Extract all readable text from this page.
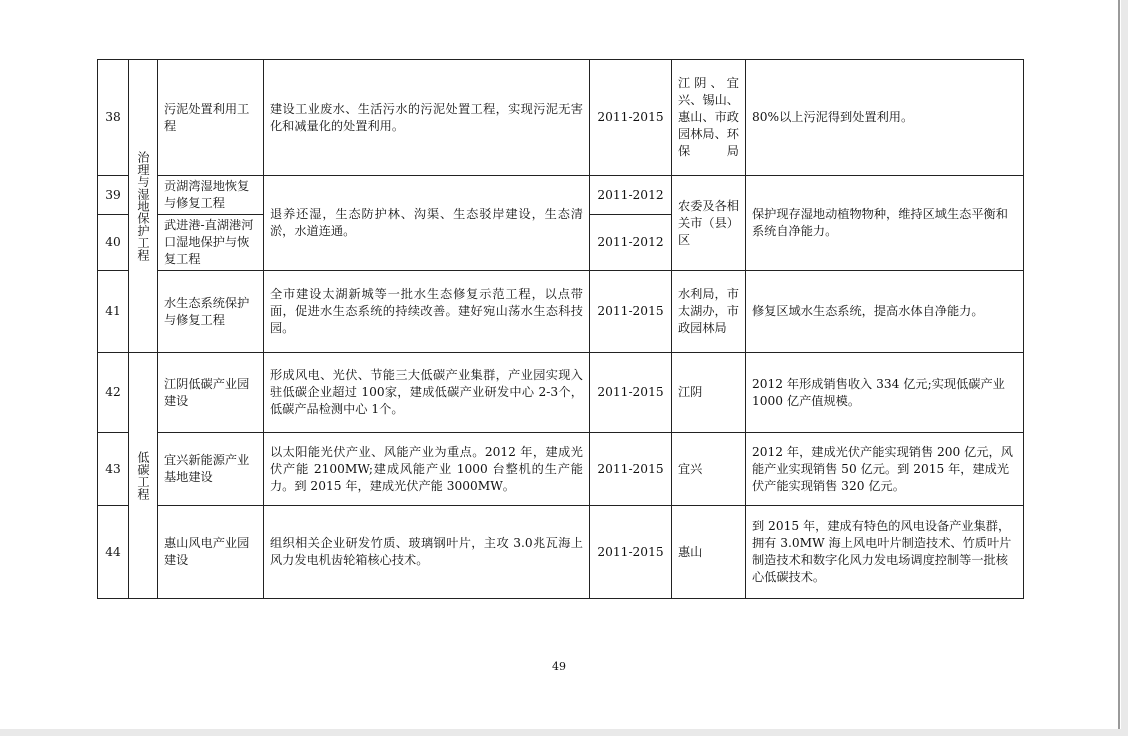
38	治理与湿地保护工程	污泥处置利用工程	建设工业废水、生活污水的污泥处置工程，实现污泥无害化和减量化的处置利用。	2011-2015	江阴、宜兴、锡山、惠山、市政园林局、环保局	80%以上污泥得到处置利用。
39		贡湖湾湿地恢复与修复工程	退养还湿，生态防护林、沟渠、生态驳岸建设，生态清淤，水道连通。	2011-2012	农委及各相关市（县）区	保护现存湿地动植物物种，维持区域生态平衡和系统自净能力。
40		武进港-直湖港河口湿地保护与恢复工程		2011-2012		
41		水生态系统保护与修复工程	全市建设太湖新城等一批水生态修复示范工程，以点带面，促进水生态系统的持续改善。建好宛山荡水生态科技园。	2011-2015	水利局，市太湖办，市政园林局	修复区域水生态系统，提高水体自净能力。
42	低碳工程	江阴低碳产业园建设	形成风电、光伏、节能三大低碳产业集群，产业园实现入驻低碳企业超过 100家，建成低碳产业研发中心 2-3个，低碳产品检测中心 1个。	2011-2015	江阴	2012 年形成销售收入 334 亿元;实现低碳产业 1000 亿产值规模。
43		宜兴新能源产业基地建设	以太阳能光伏产业、风能产业为重点。2012 年，建成光伏产能 2100MW;建成风能产业 1000 台整机的生产能力。到 2015 年，建成光伏产能 3000MW。	2011-2015	宜兴	2012 年，建成光伏产能实现销售 200 亿元，风能产业实现销售 50 亿元。到 2015 年，建成光伏产能实现销售 320 亿元。
44		惠山风电产业园建设	组织相关企业研发竹质、玻璃钢叶片，主攻 3.0兆瓦海上风力发电机齿轮箱核心技术。	2011-2015	惠山	到 2015 年，建成有特色的风电设备产业集群，拥有 3.0MW 海上风电叶片制造技术、竹质叶片制造技术和数字化风力发电场调度控制等一批核心低碳技术。
49
